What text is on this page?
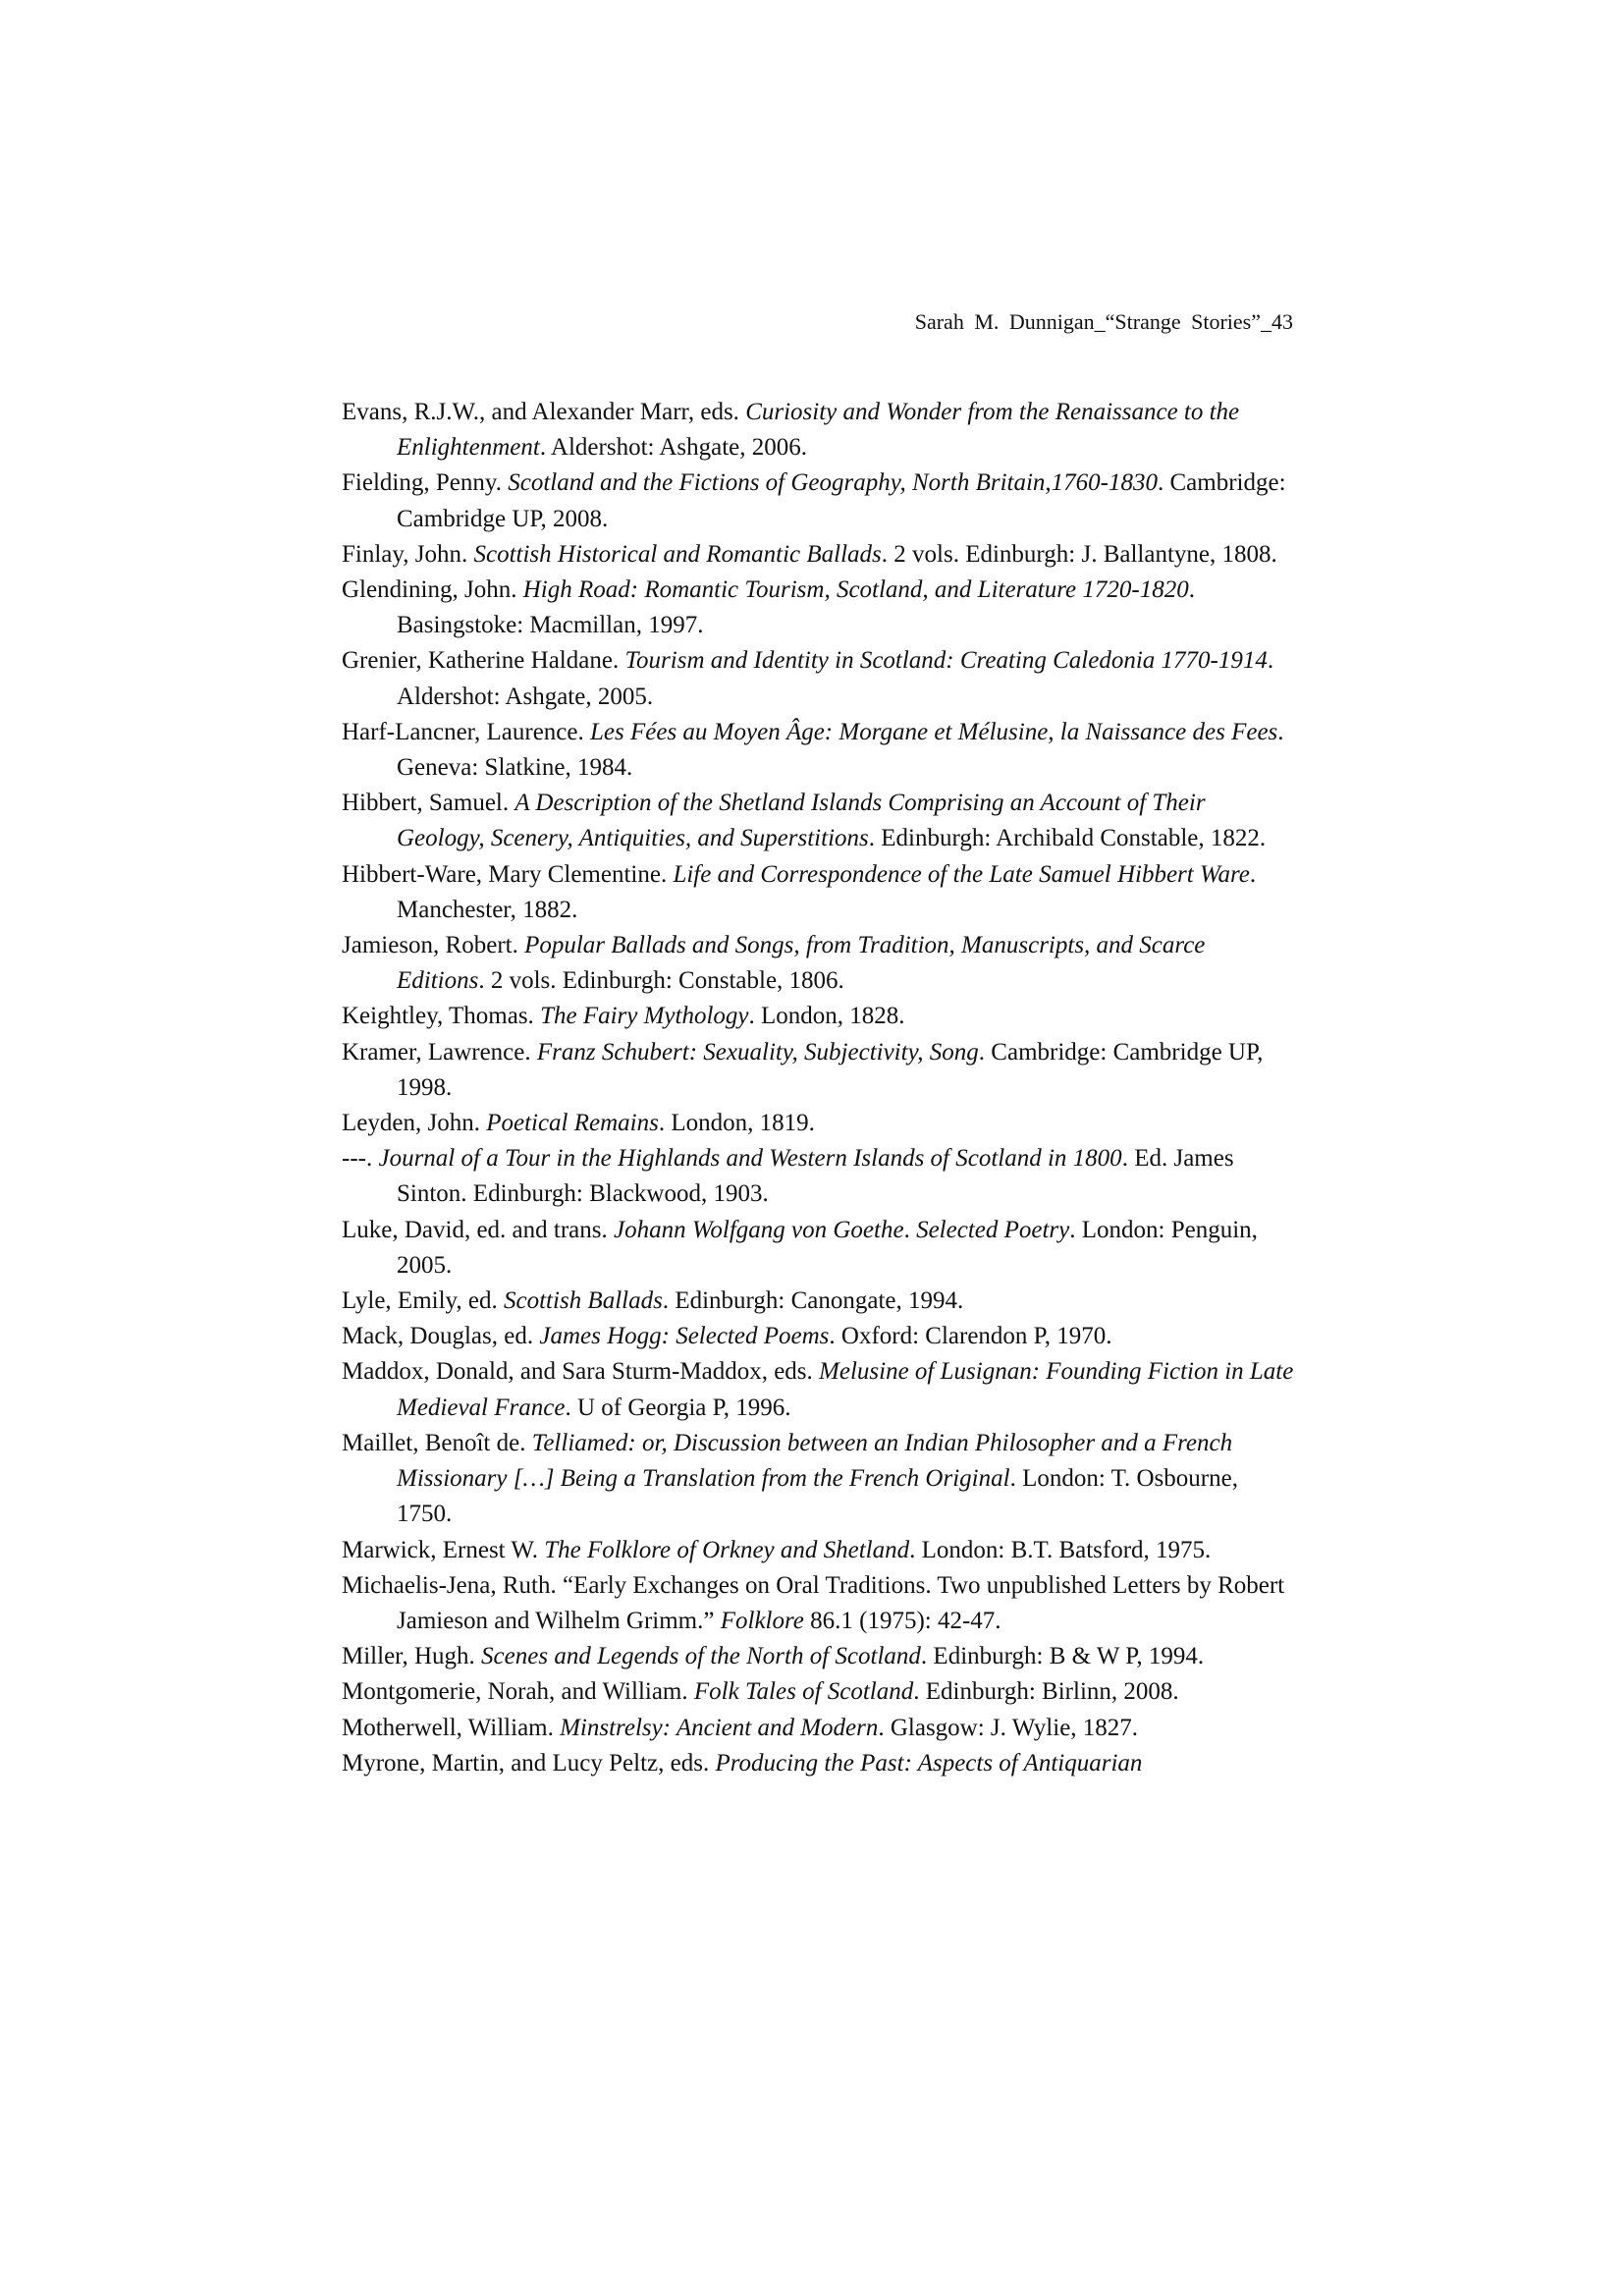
Sarah M. Dunnigan_“Strange Stories”_43
Evans, R.J.W., and Alexander Marr, eds. Curiosity and Wonder from the Renaissance to the Enlightenment. Aldershot: Ashgate, 2006.
Fielding, Penny. Scotland and the Fictions of Geography, North Britain,1760-1830. Cambridge: Cambridge UP, 2008.
Finlay, John. Scottish Historical and Romantic Ballads. 2 vols. Edinburgh: J. Ballantyne, 1808.
Glendining, John. High Road: Romantic Tourism, Scotland, and Literature 1720-1820. Basingstoke: Macmillan, 1997.
Grenier, Katherine Haldane. Tourism and Identity in Scotland: Creating Caledonia 1770-1914. Aldershot: Ashgate, 2005.
Harf-Lancner, Laurence. Les Fées au Moyen Âge: Morgane et Mélusine, la Naissance des Fees. Geneva: Slatkine, 1984.
Hibbert, Samuel. A Description of the Shetland Islands Comprising an Account of Their Geology, Scenery, Antiquities, and Superstitions. Edinburgh: Archibald Constable, 1822.
Hibbert-Ware, Mary Clementine. Life and Correspondence of the Late Samuel Hibbert Ware. Manchester, 1882.
Jamieson, Robert. Popular Ballads and Songs, from Tradition, Manuscripts, and Scarce Editions. 2 vols. Edinburgh: Constable, 1806.
Keightley, Thomas. The Fairy Mythology. London, 1828.
Kramer, Lawrence. Franz Schubert: Sexuality, Subjectivity, Song. Cambridge: Cambridge UP, 1998.
Leyden, John. Poetical Remains. London, 1819.
---. Journal of a Tour in the Highlands and Western Islands of Scotland in 1800. Ed. James Sinton. Edinburgh: Blackwood, 1903.
Luke, David, ed. and trans. Johann Wolfgang von Goethe. Selected Poetry. London: Penguin, 2005.
Lyle, Emily, ed. Scottish Ballads. Edinburgh: Canongate, 1994.
Mack, Douglas, ed. James Hogg: Selected Poems. Oxford: Clarendon P, 1970.
Maddox, Donald, and Sara Sturm-Maddox, eds. Melusine of Lusignan: Founding Fiction in Late Medieval France. U of Georgia P, 1996.
Maillet, Benoît de. Telliamed: or, Discussion between an Indian Philosopher and a French Missionary […] Being a Translation from the French Original. London: T. Osbourne, 1750.
Marwick, Ernest W. The Folklore of Orkney and Shetland. London: B.T. Batsford, 1975.
Michaelis-Jena, Ruth. “Early Exchanges on Oral Traditions. Two unpublished Letters by Robert Jamieson and Wilhelm Grimm.” Folklore 86.1 (1975): 42-47.
Miller, Hugh. Scenes and Legends of the North of Scotland. Edinburgh: B & W P, 1994.
Montgomerie, Norah, and William. Folk Tales of Scotland. Edinburgh: Birlinn, 2008.
Motherwell, William. Minstrelsy: Ancient and Modern. Glasgow: J. Wylie, 1827.
Myrone, Martin, and Lucy Peltz, eds. Producing the Past: Aspects of Antiquarian
